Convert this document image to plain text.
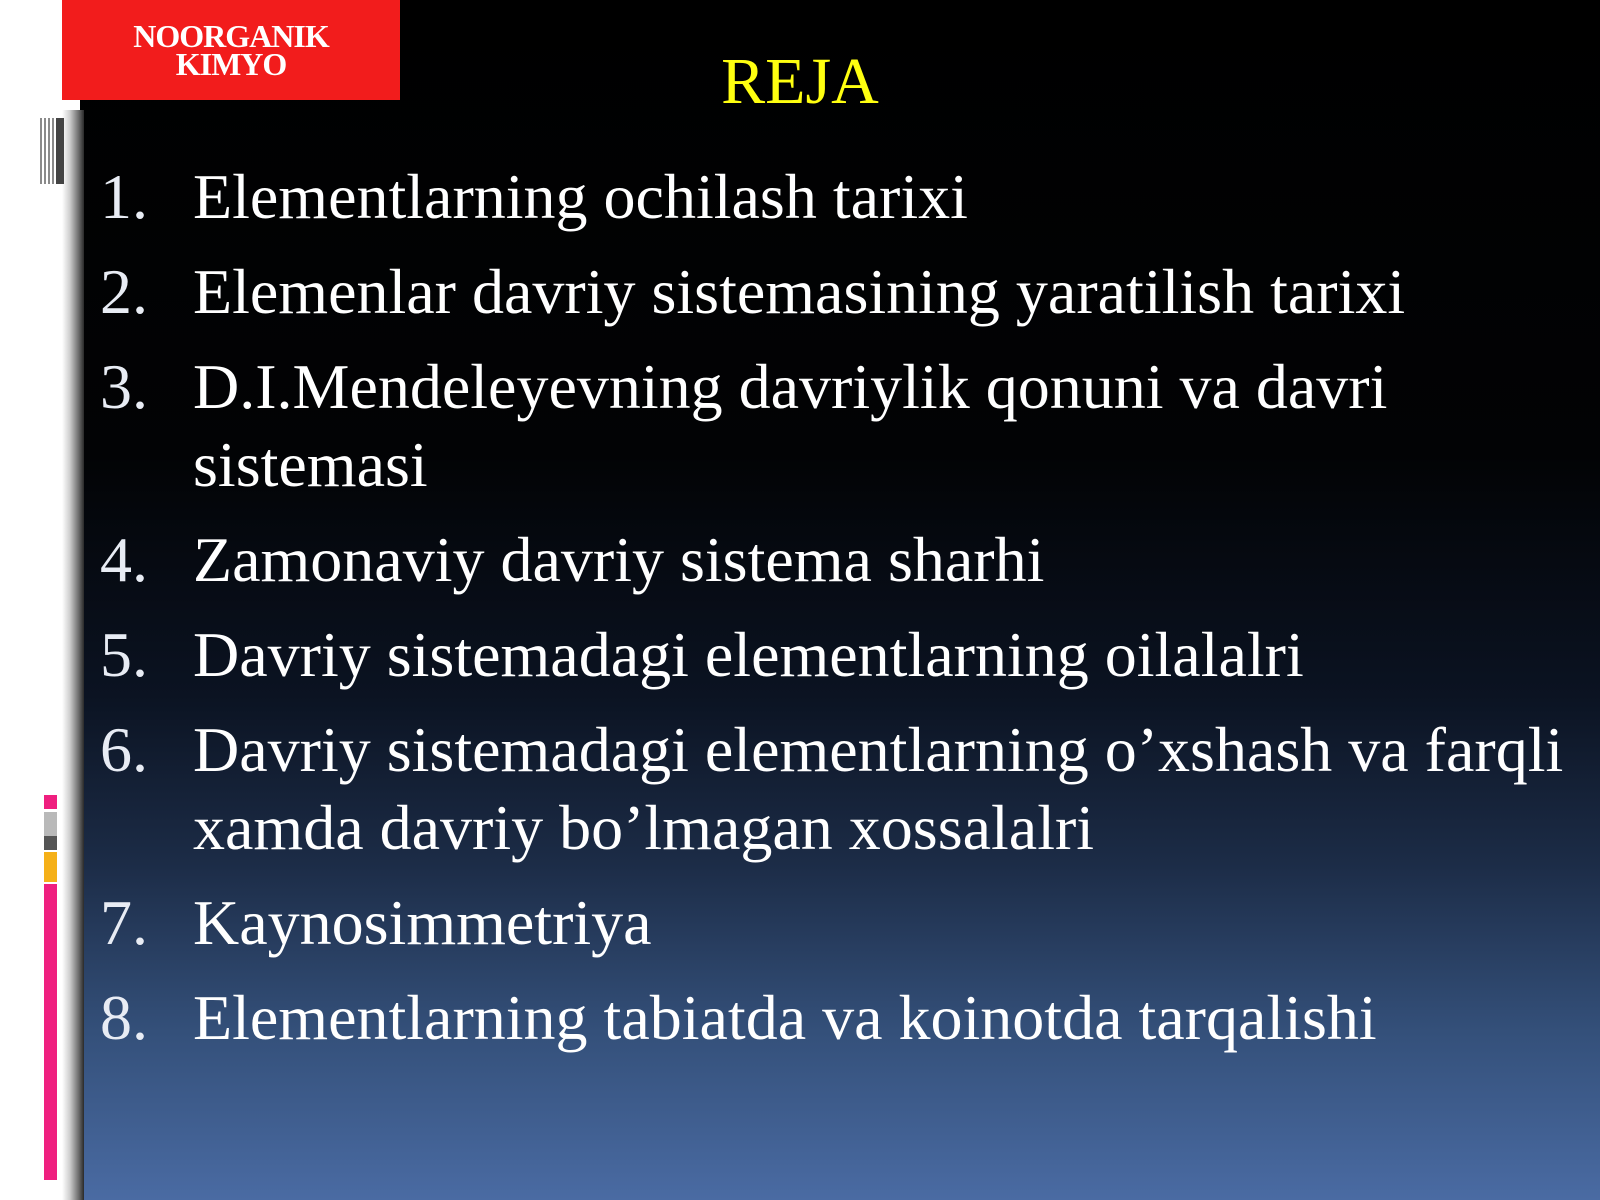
NOORGANIK
KIMYO	REJA
1. Elementlarning ochilash tarixi
2. Elemenlar davriy sistemasining yaratilish tarixi
3. D.I.Mendeleyevning davriylik qonuni va davri sistemasi
4. Zamonaviy davriy sistema sharhi
5. Davriy sistemadagi elementlarning oilalalri
6. Davriy sistemadagi elementlarning o’xshash va farqli xamda davriy bo’lmagan xossalalri
7. Kaynosimmetriya
8. Elementlarning tabiatda va koinotda tarqalishi
